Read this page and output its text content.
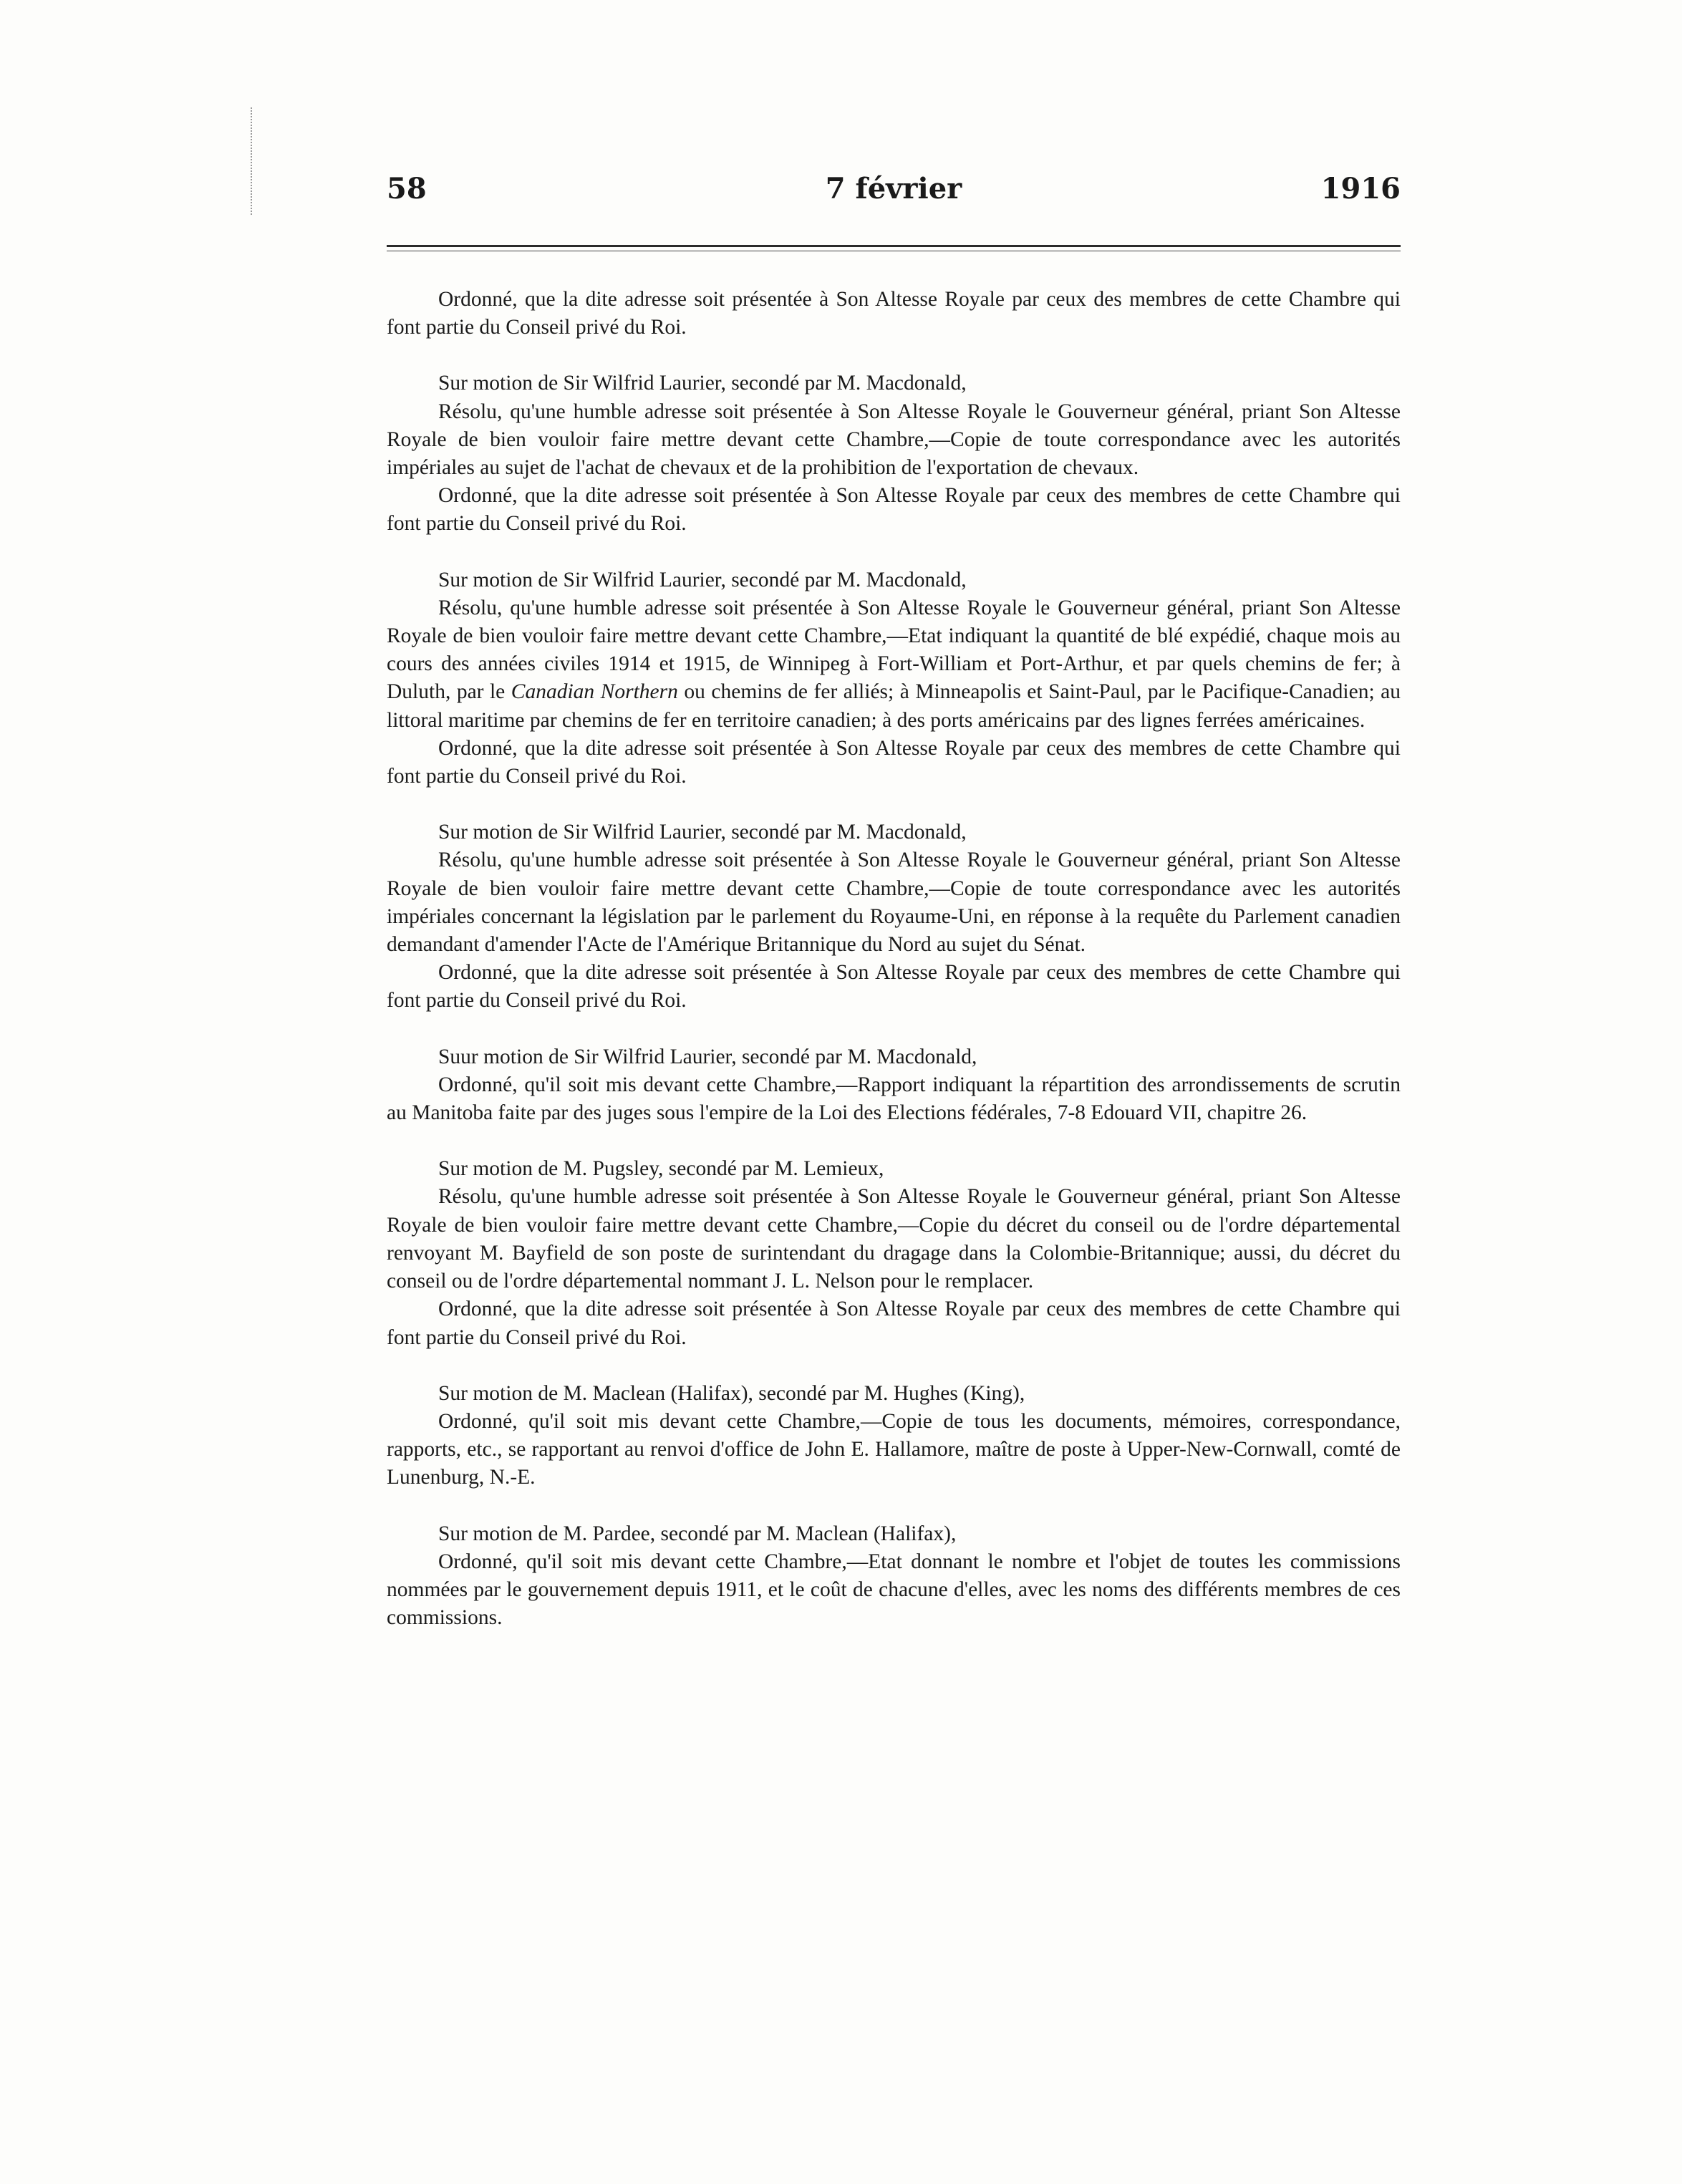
58	7 février	1916

Ordonné, que la dite adresse soit présentée à Son Altesse Royale par ceux des membres de cette Chambre qui font partie du Conseil privé du Roi.

Sur motion de Sir Wilfrid Laurier, secondé par M. Macdonald,

Résolu, qu'une humble adresse soit présentée à Son Altesse Royale le Gouverneur général, priant Son Altesse Royale de bien vouloir faire mettre devant cette Chambre,—Copie de toute correspondance avec les autorités impériales au sujet de l'achat de chevaux et de la prohibition de l'exportation de chevaux.

Ordonné, que la dite adresse soit présentée à Son Altesse Royale par ceux des membres de cette Chambre qui font partie du Conseil privé du Roi.

Sur motion de Sir Wilfrid Laurier, secondé par M. Macdonald,

Résolu, qu'une humble adresse soit présentée à Son Altesse Royale le Gouverneur général, priant Son Altesse Royale de bien vouloir faire mettre devant cette Chambre,—Etat indiquant la quantité de blé expédié, chaque mois au cours des années civiles 1914 et 1915, de Winnipeg à Fort-William et Port-Arthur, et par quels chemins de fer; à Duluth, par le Canadian Northern ou chemins de fer alliés; à Minneapolis et Saint-Paul, par le Pacifique-Canadien; au littoral maritime par chemins de fer en territoire canadien; à des ports américains par des lignes ferrées américaines.

Ordonné, que la dite adresse soit présentée à Son Altesse Royale par ceux des membres de cette Chambre qui font partie du Conseil privé du Roi.

Sur motion de Sir Wilfrid Laurier, secondé par M. Macdonald,

Résolu, qu'une humble adresse soit présentée à Son Altesse Royale le Gouverneur général, priant Son Altesse Royale de bien vouloir faire mettre devant cette Chambre,—Copie de toute correspondance avec les autorités impériales concernant la législation par le parlement du Royaume-Uni, en réponse à la requête du Parlement canadien demandant d'amender l'Acte de l'Amérique Britannique du Nord au sujet du Sénat.

Ordonné, que la dite adresse soit présentée à Son Altesse Royale par ceux des membres de cette Chambre qui font partie du Conseil privé du Roi.

Suur motion de Sir Wilfrid Laurier, secondé par M. Macdonald,

Ordonné, qu'il soit mis devant cette Chambre,—Rapport indiquant la répartition des arrondissements de scrutin au Manitoba faite par des juges sous l'empire de la Loi des Elections fédérales, 7-8 Edouard VII, chapitre 26.

Sur motion de M. Pugsley, secondé par M. Lemieux,

Résolu, qu'une humble adresse soit présentée à Son Altesse Royale le Gouverneur général, priant Son Altesse Royale de bien vouloir faire mettre devant cette Chambre,—Copie du décret du conseil ou de l'ordre départemental renvoyant M. Bayfield de son poste de surintendant du dragage dans la Colombie-Britannique; aussi, du décret du conseil ou de l'ordre départemental nommant J. L. Nelson pour le remplacer.

Ordonné, que la dite adresse soit présentée à Son Altesse Royale par ceux des membres de cette Chambre qui font partie du Conseil privé du Roi.

Sur motion de M. Maclean (Halifax), secondé par M. Hughes (King),

Ordonné, qu'il soit mis devant cette Chambre,—Copie de tous les documents, mémoires, correspondance, rapports, etc., se rapportant au renvoi d'office de John E. Hallamore, maître de poste à Upper-New-Cornwall, comté de Lunenburg, N.-E.

Sur motion de M. Pardee, secondé par M. Maclean (Halifax),

Ordonné, qu'il soit mis devant cette Chambre,—Etat donnant le nombre et l'objet de toutes les commissions nommées par le gouvernement depuis 1911, et le coût de chacune d'elles, avec les noms des différents membres de ces commissions.
